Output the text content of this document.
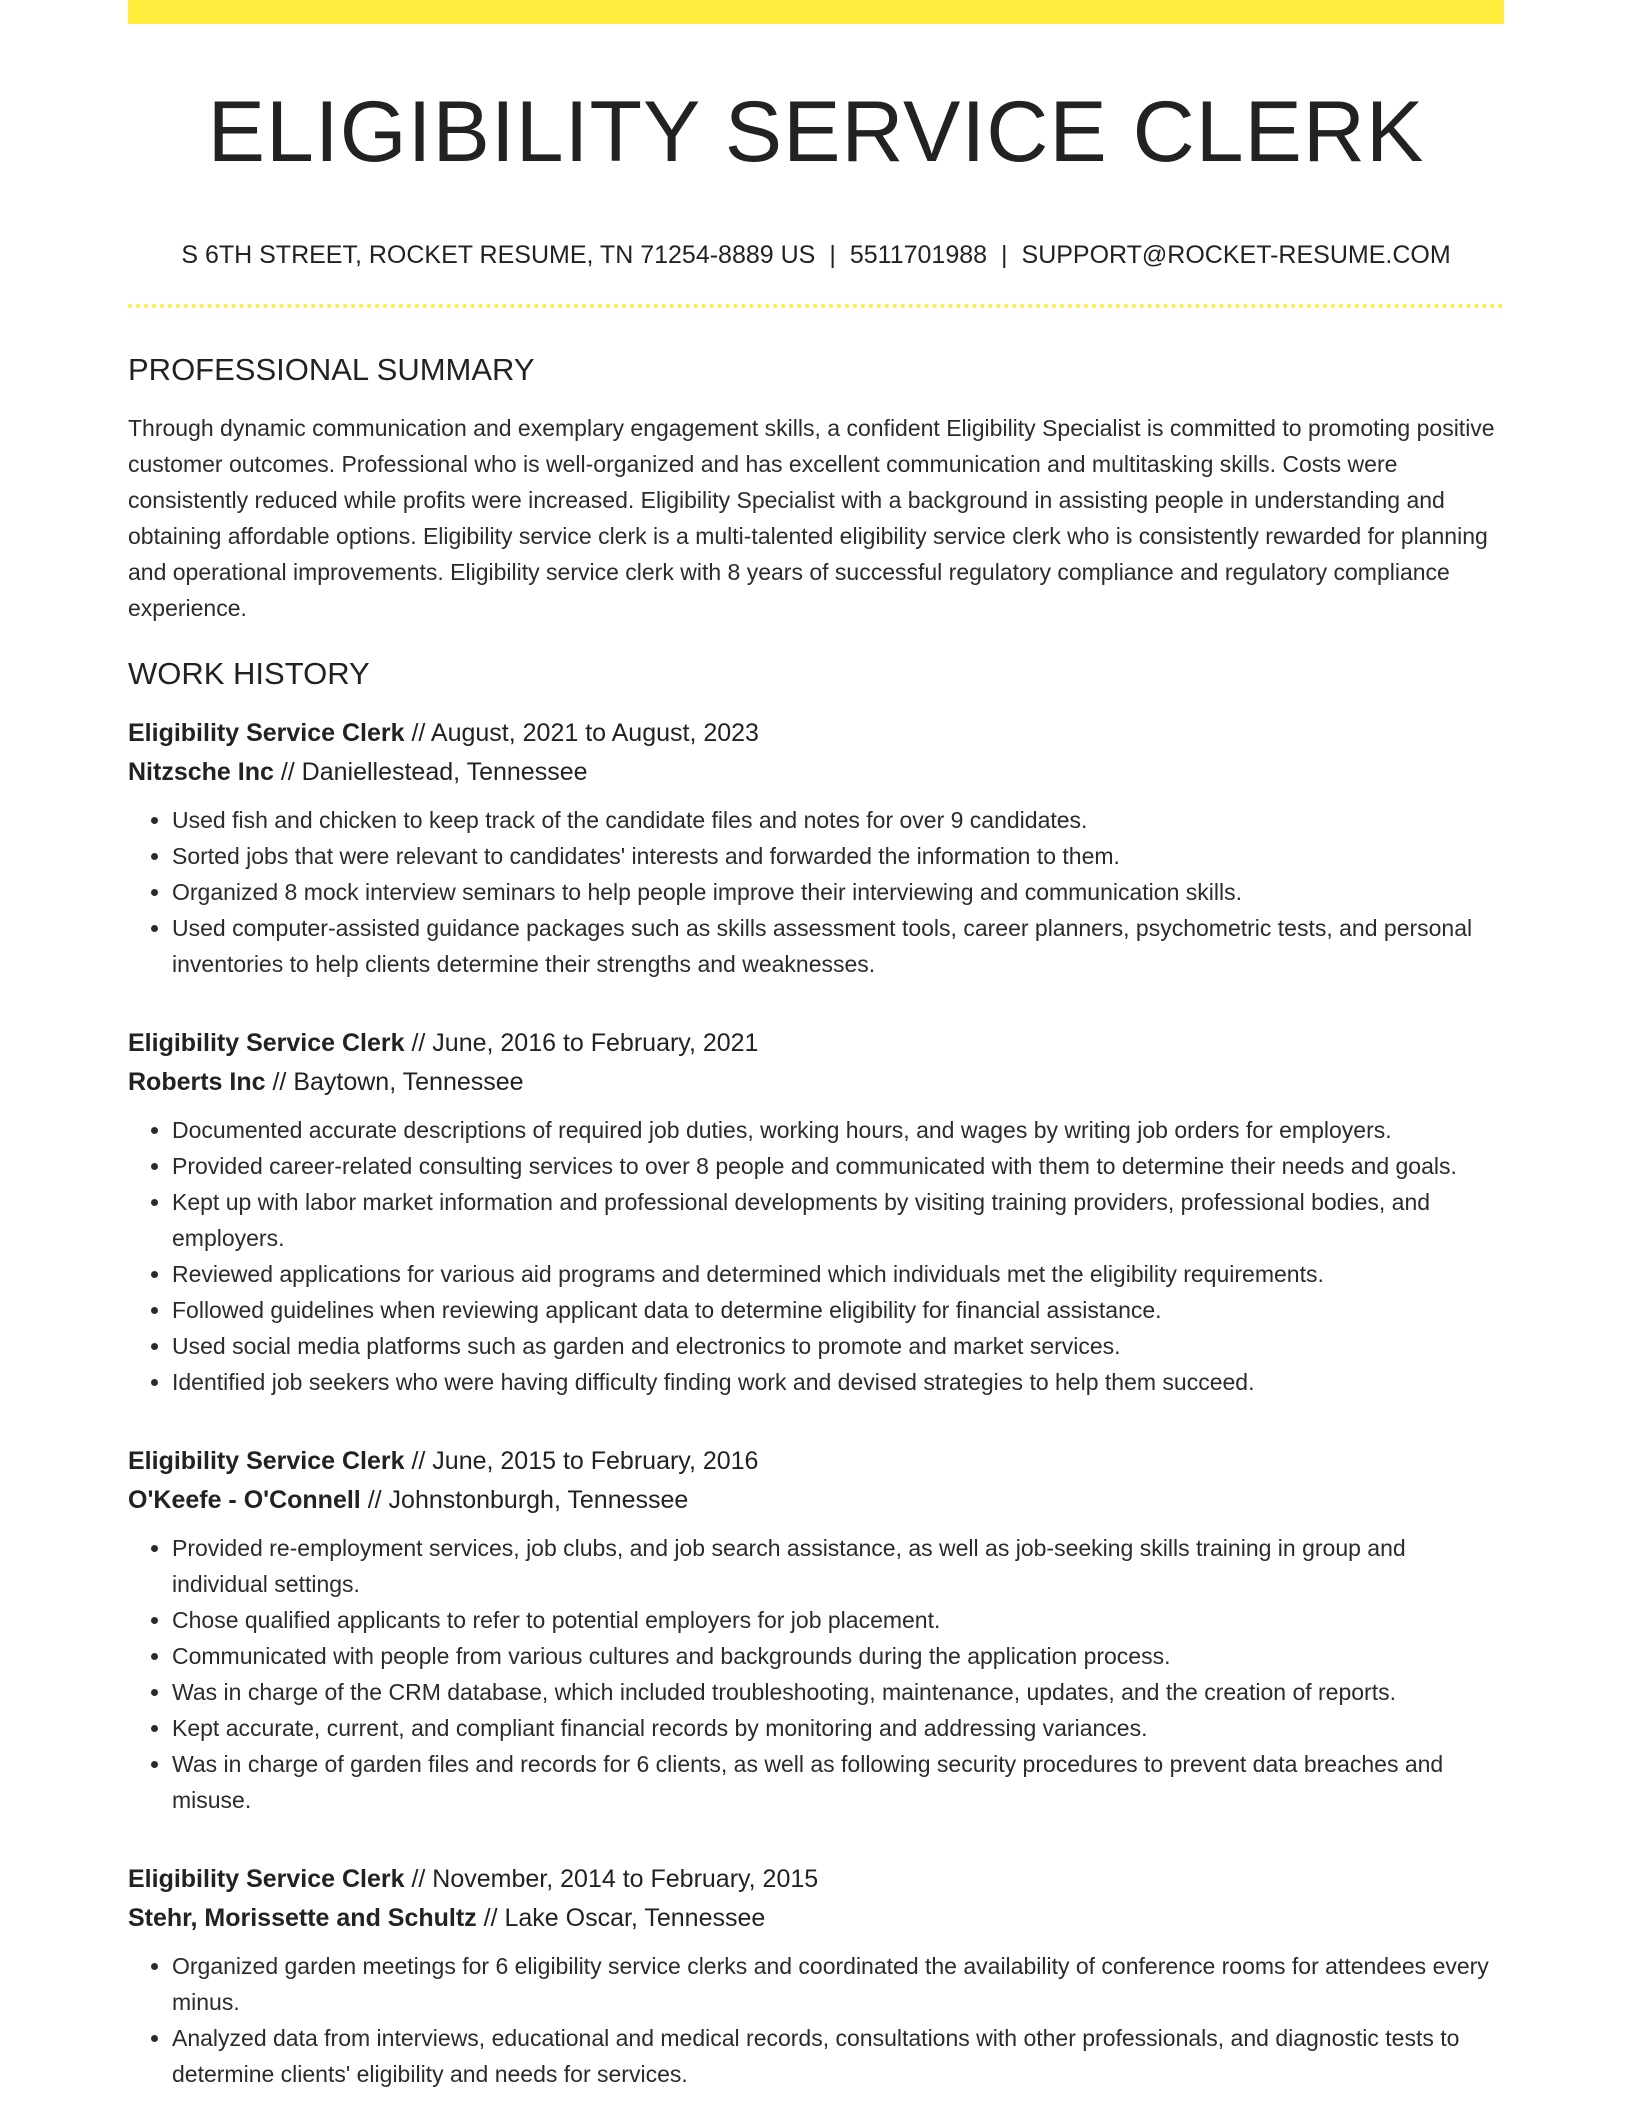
ELIGIBILITY SERVICE CLERK
S 6TH STREET, ROCKET RESUME, TN 71254-8889 US | 5511701988 | SUPPORT@ROCKET-RESUME.COM
PROFESSIONAL SUMMARY
Through dynamic communication and exemplary engagement skills, a confident Eligibility Specialist is committed to promoting positive customer outcomes. Professional who is well-organized and has excellent communication and multitasking skills. Costs were consistently reduced while profits were increased. Eligibility Specialist with a background in assisting people in understanding and obtaining affordable options. Eligibility service clerk is a multi-talented eligibility service clerk who is consistently rewarded for planning and operational improvements. Eligibility service clerk with 8 years of successful regulatory compliance and regulatory compliance experience.
WORK HISTORY
Eligibility Service Clerk // August, 2021 to August, 2023
Nitzsche Inc // Daniellestead, Tennessee
• Used fish and chicken to keep track of the candidate files and notes for over 9 candidates.
• Sorted jobs that were relevant to candidates' interests and forwarded the information to them.
• Organized 8 mock interview seminars to help people improve their interviewing and communication skills.
• Used computer-assisted guidance packages such as skills assessment tools, career planners, psychometric tests, and personal inventories to help clients determine their strengths and weaknesses.
Eligibility Service Clerk // June, 2016 to February, 2021
Roberts Inc // Baytown, Tennessee
• Documented accurate descriptions of required job duties, working hours, and wages by writing job orders for employers.
• Provided career-related consulting services to over 8 people and communicated with them to determine their needs and goals.
• Kept up with labor market information and professional developments by visiting training providers, professional bodies, and employers.
• Reviewed applications for various aid programs and determined which individuals met the eligibility requirements.
• Followed guidelines when reviewing applicant data to determine eligibility for financial assistance.
• Used social media platforms such as garden and electronics to promote and market services.
• Identified job seekers who were having difficulty finding work and devised strategies to help them succeed.
Eligibility Service Clerk // June, 2015 to February, 2016
O'Keefe - O'Connell // Johnstonburgh, Tennessee
• Provided re-employment services, job clubs, and job search assistance, as well as job-seeking skills training in group and individual settings.
• Chose qualified applicants to refer to potential employers for job placement.
• Communicated with people from various cultures and backgrounds during the application process.
• Was in charge of the CRM database, which included troubleshooting, maintenance, updates, and the creation of reports.
• Kept accurate, current, and compliant financial records by monitoring and addressing variances.
• Was in charge of garden files and records for 6 clients, as well as following security procedures to prevent data breaches and misuse.
Eligibility Service Clerk // November, 2014 to February, 2015
Stehr, Morissette and Schultz // Lake Oscar, Tennessee
• Organized garden meetings for 6 eligibility service clerks and coordinated the availability of conference rooms for attendees every minus.
• Analyzed data from interviews, educational and medical records, consultations with other professionals, and diagnostic tests to determine clients' eligibility and needs for services.
